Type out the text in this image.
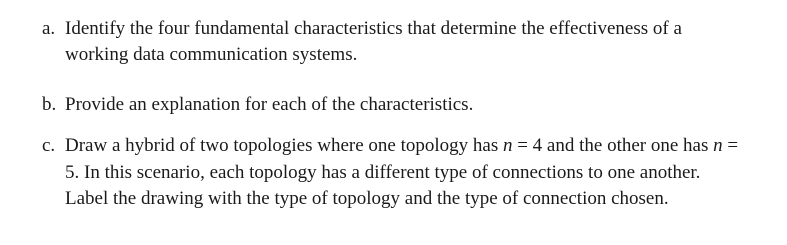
a. Identify the four fundamental characteristics that determine the effectiveness of a working data communication systems.
b. Provide an explanation for each of the characteristics.
c. Draw a hybrid of two topologies where one topology has n = 4 and the other one has n = 5. In this scenario, each topology has a different type of connections to one another. Label the drawing with the type of topology and the type of connection chosen.
